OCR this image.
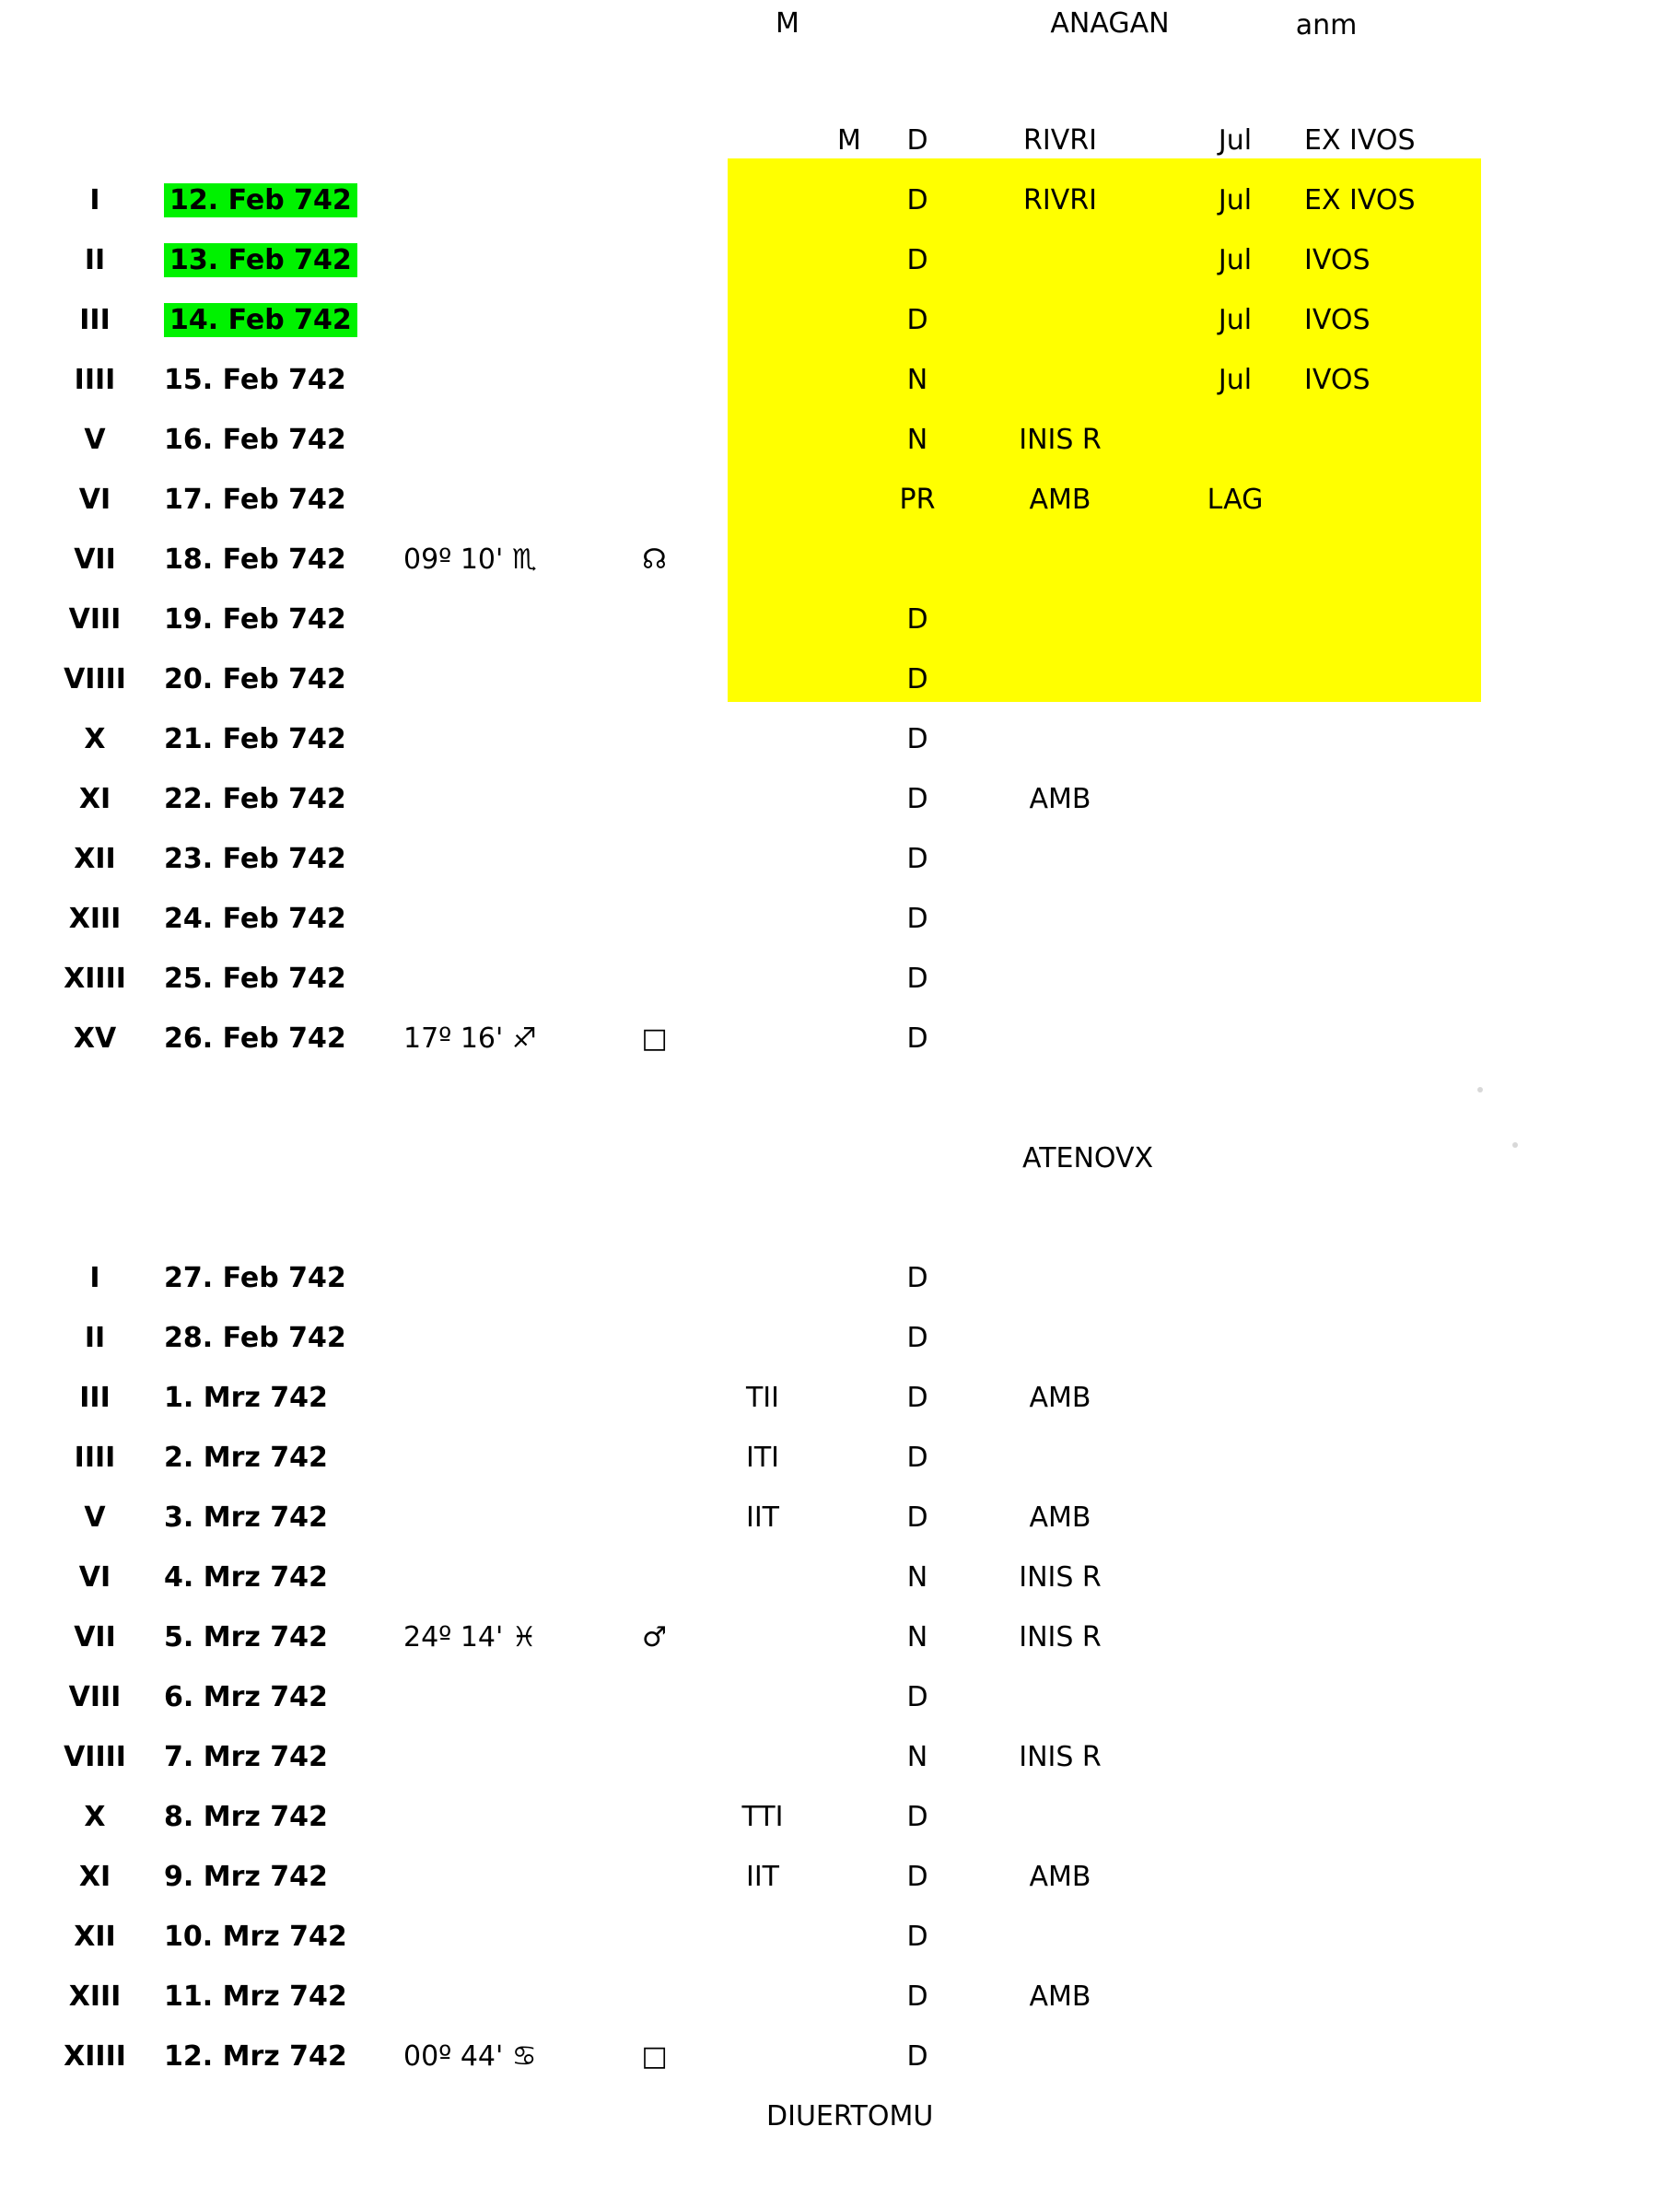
M	ANAGAN	anm
					M	D	RIVRI	Jul	EX IVOS
I	12. Feb 742					D	RIVRI	Jul	EX IVOS
II	13. Feb 742					D		Jul	IVOS
III	14. Feb 742					D		Jul	IVOS
IIII	15. Feb 742					N		Jul	IVOS
V	16. Feb 742					N	INIS R		
VI	17. Feb 742					PR	AMB	LAG	
VII	18. Feb 742	09º 10' ♏	☊						
VIII	19. Feb 742					D			
VIIII	20. Feb 742					D			
X	21. Feb 742					D			
XI	22. Feb 742					D	AMB		
XII	23. Feb 742					D			
XIII	24. Feb 742					D			
XIIII	25. Feb 742					D			
XV	26. Feb 742	17º 16' ♐	□			D			
ATENOVX
I	27. Feb 742					D			
II	28. Feb 742					D			
III	1. Mrz 742			TII		D	AMB		
IIII	2. Mrz 742			ITI		D			
V	3. Mrz 742			IIT		D	AMB		
VI	4. Mrz 742					N	INIS R		
VII	5. Mrz 742	24º 14' ♓	♂			N	INIS R		
VIII	6. Mrz 742					D			
VIIII	7. Mrz 742					N	INIS R		
X	8. Mrz 742			TTI		D			
XI	9. Mrz 742			IIT		D	AMB		
XII	10. Mrz 742					D			
XIII	11. Mrz 742					D	AMB		
XIIII	12. Mrz 742	00º 44' ♋	□			D			
DIUERTOMU
